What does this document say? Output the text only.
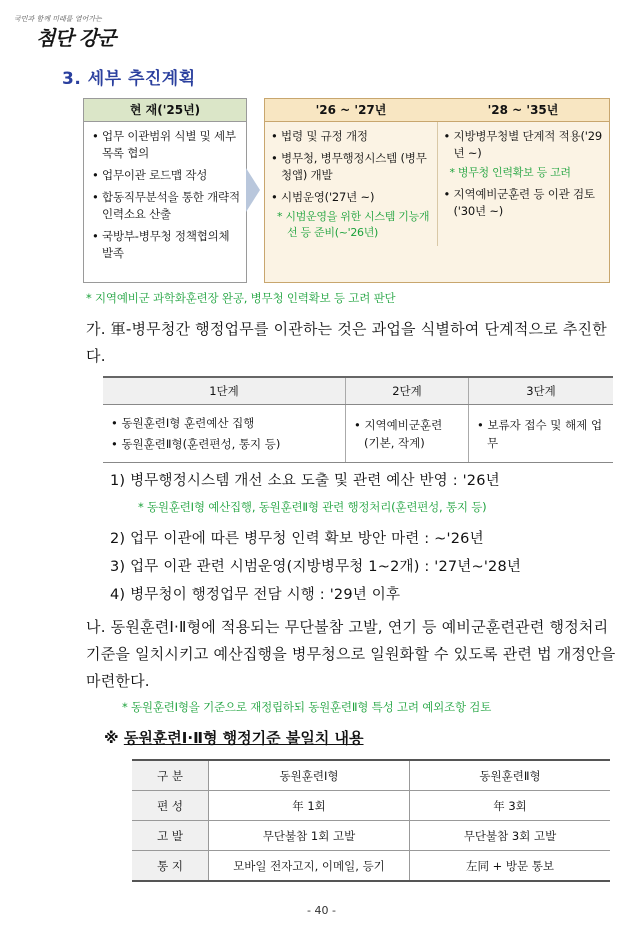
국민과 함께 미래를 열어가는
첨단 강군
3. 세부 추진계획
현 재('25년)
• 업무 이관범위 식별 및 세부목록 협의
• 업무이관 로드맵 작성
• 합동직무분석을 통한 개략적 인력소요 산출
• 국방부-병무청 정책협의체 발족
'26 ~ '27년	'28 ~ '35년
• 법령 및 규정 개정
• 병무청, 병무행정시스템 (병무청앱) 개발
• 시범운영('27년 ~)
* 시범운영을 위한 시스템 기능개선 등 준비(~'26년)
• 지방병무청별 단계적 적용('29년 ~)
* 병무청 인력확보 등 고려
• 지역예비군훈련 등 이관 검토('30년 ~)
* 지역예비군 과학화훈련장 완공, 병무청 인력확보 등 고려 판단
가. 軍-병무청간 행정업무를 이관하는 것은 과업을 식별하여 단계적으로 추진한다.
1단계	2단계	3단계

• 동원훈련Ⅰ형 훈련예산 집행
• 동원훈련Ⅱ형(훈련편성, 통지 등)	• 지역예비군훈련 (기본, 작계)	• 보류자 접수 및 해제 업무
1) 병무행정시스템 개선 소요 도출 및 관련 예산 반영 : '26년
* 동원훈련Ⅰ형 예산집행, 동원훈련Ⅱ형 관련 행정처리(훈련편성, 통지 등)
2) 업무 이관에 따른 병무청 인력 확보 방안 마련 : ~'26년
3) 업무 이관 관련 시범운영(지방병무청 1~2개) : '27년~'28년
4) 병무청이 행정업무 전담 시행 : '29년 이후
나. 동원훈련Ⅰ·Ⅱ형에 적용되는 무단불참 고발, 연기 등 예비군훈련관련 행정처리 기준을 일치시키고 예산집행을 병무청으로 일원화할 수 있도록 관련 법 개정안을 마련한다.
* 동원훈련Ⅰ형을 기준으로 재정립하되 동원훈련Ⅱ형 특성 고려 예외조항 검토
※ 동원훈련Ⅰ·Ⅱ형 행정기준 불일치 내용
구 분	동원훈련Ⅰ형	동원훈련Ⅱ형
편 성	年 1회	年 3회
고 발	무단불참 1회 고발	무단불참 3회 고발
통 지	모바일 전자고지, 이메일, 등기	左同 + 방문 통보
- 40 -
